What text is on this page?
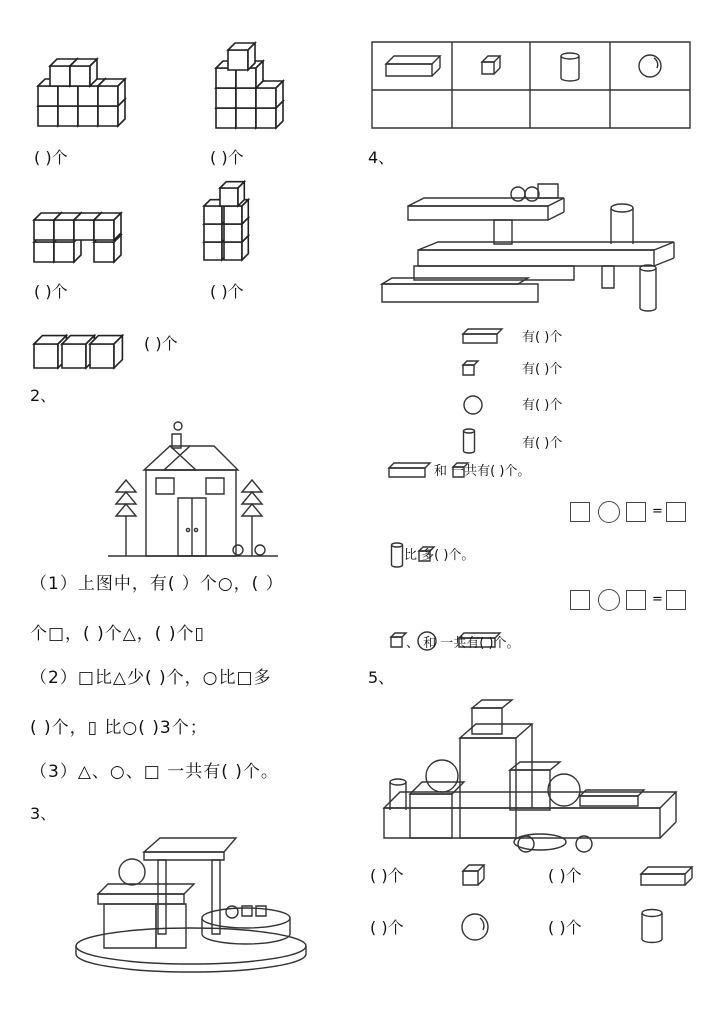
( )个	( )个
( )个	( )个
( )个
2、
（1）上图中，有( ）个○，( ）
个□，( )个△，( )个▯
（2）□比△少( )个，○比□多
( )个，▯ 比○( )3个；
（3）△、○、□ 一共有( )个。
3、
4、
有( )个
有( )个
有( )个
有( )个
和 一共有( )个。
=
比 多( )个。
=
、 和 一共有( )个。
5、
( )个	( )个
( )个	( )个
